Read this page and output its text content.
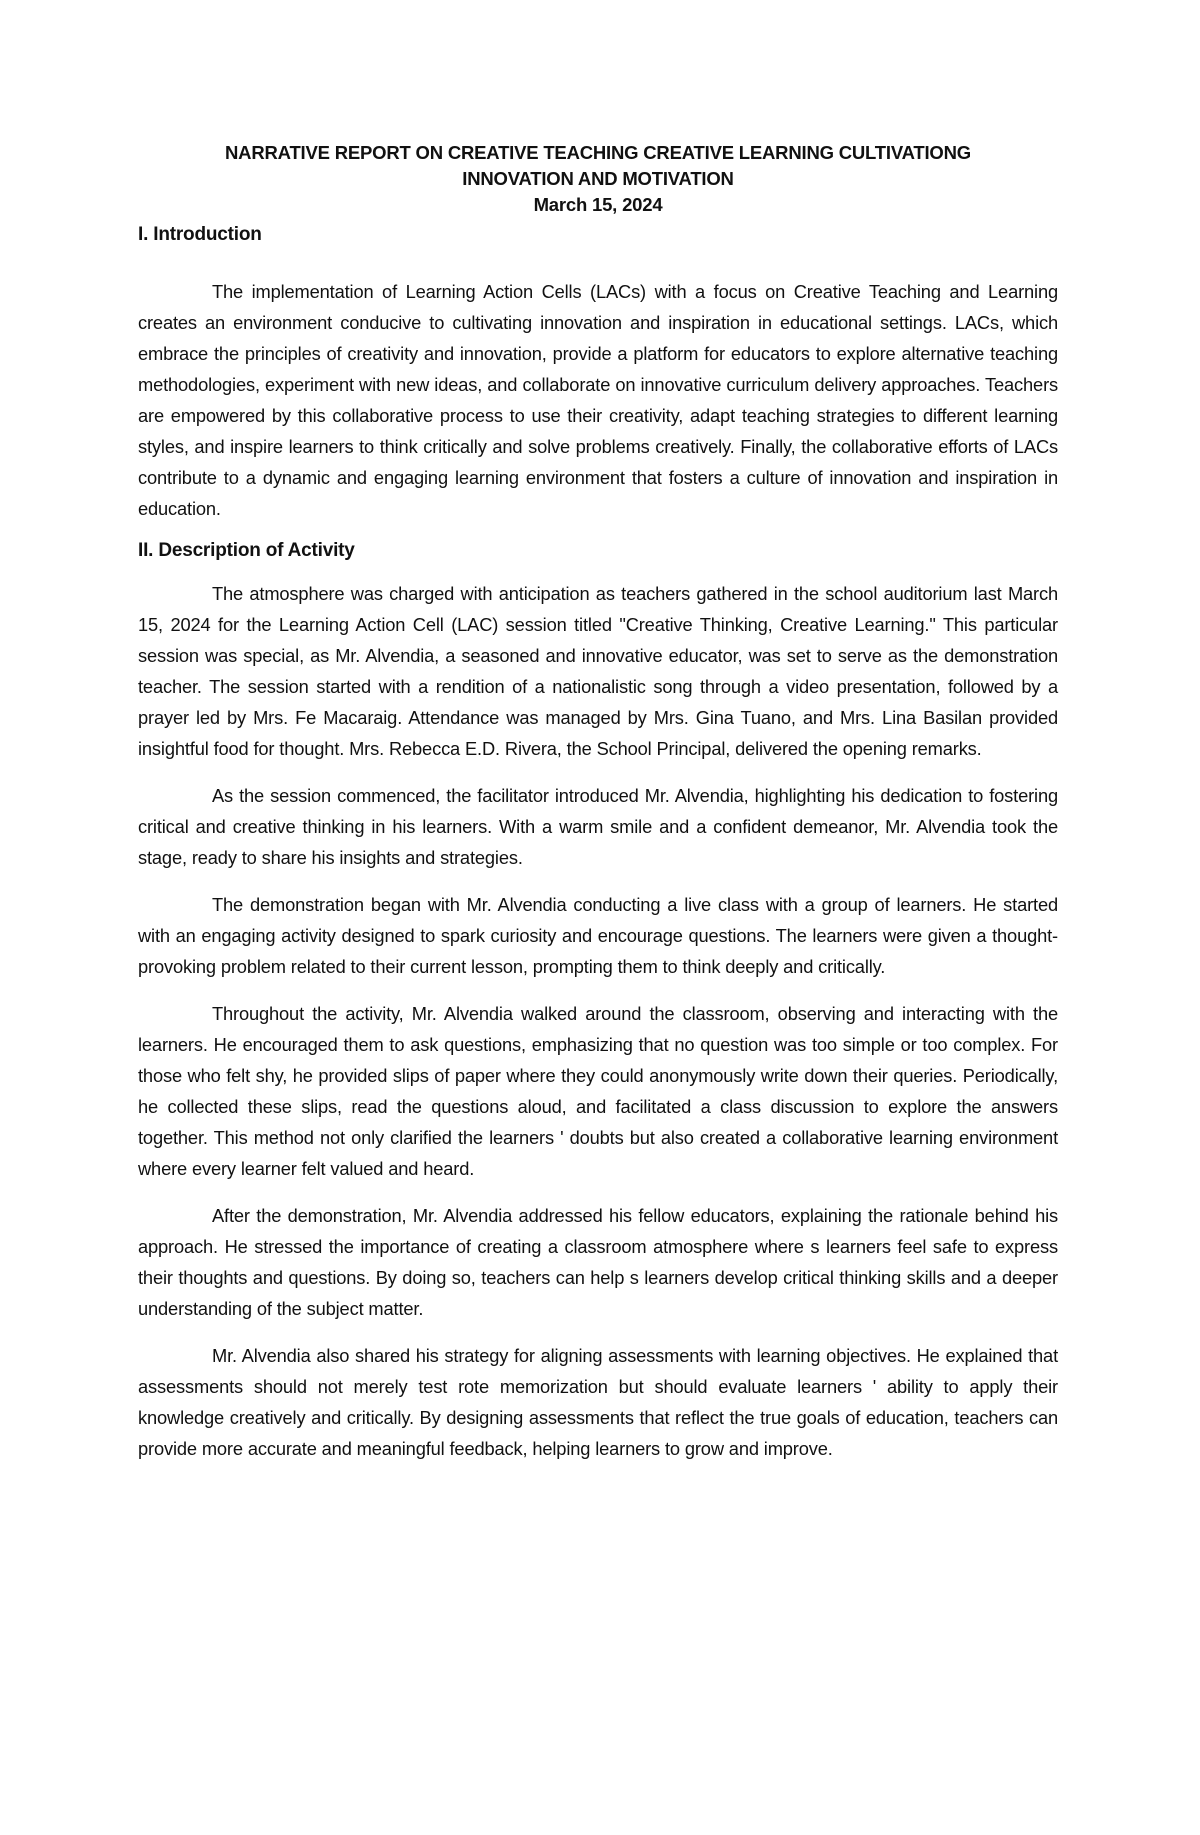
NARRATIVE REPORT ON CREATIVE TEACHING CREATIVE LEARNING CULTIVATIONG
INNOVATION AND MOTIVATION
March 15, 2024
I. Introduction

The implementation of Learning Action Cells (LACs) with a focus on Creative Teaching and Learning creates an environment conducive to cultivating innovation and inspiration in educational settings. LACs, which embrace the principles of creativity and innovation, provide a platform for educators to explore alternative teaching methodologies, experiment with new ideas, and collaborate on innovative curriculum delivery approaches. Teachers are empowered by this collaborative process to use their creativity, adapt teaching strategies to different learning styles, and inspire learners to think critically and solve problems creatively. Finally, the collaborative efforts of LACs contribute to a dynamic and engaging learning environment that fosters a culture of innovation and inspiration in education.

II. Description of Activity

The atmosphere was charged with anticipation as teachers gathered in the school auditorium last March 15, 2024 for the Learning Action Cell (LAC) session titled "Creative Thinking, Creative Learning." This particular session was special, as Mr. Alvendia, a seasoned and innovative educator, was set to serve as the demonstration teacher. The session started with a rendition of a nationalistic song through a video presentation, followed by a prayer led by Mrs. Fe Macaraig. Attendance was managed by Mrs. Gina Tuano, and Mrs. Lina Basilan provided insightful food for thought. Mrs. Rebecca E.D. Rivera, the School Principal, delivered the opening remarks.

As the session commenced, the facilitator introduced Mr. Alvendia, highlighting his dedication to fostering critical and creative thinking in his learners. With a warm smile and a confident demeanor, Mr. Alvendia took the stage, ready to share his insights and strategies.

The demonstration began with Mr. Alvendia conducting a live class with a group of learners. He started with an engaging activity designed to spark curiosity and encourage questions. The learners were given a thought-provoking problem related to their current lesson, prompting them to think deeply and critically.

Throughout the activity, Mr. Alvendia walked around the classroom, observing and interacting with the learners. He encouraged them to ask questions, emphasizing that no question was too simple or too complex. For those who felt shy, he provided slips of paper where they could anonymously write down their queries. Periodically, he collected these slips, read the questions aloud, and facilitated a class discussion to explore the answers together. This method not only clarified the learners ' doubts but also created a collaborative learning environment where every learner felt valued and heard.

After the demonstration, Mr. Alvendia addressed his fellow educators, explaining the rationale behind his approach. He stressed the importance of creating a classroom atmosphere where s learners feel safe to express their thoughts and questions. By doing so, teachers can help s learners develop critical thinking skills and a deeper understanding of the subject matter.

Mr. Alvendia also shared his strategy for aligning assessments with learning objectives. He explained that assessments should not merely test rote memorization but should evaluate learners ' ability to apply their knowledge creatively and critically. By designing assessments that reflect the true goals of education, teachers can provide more accurate and meaningful feedback, helping learners to grow and improve.
